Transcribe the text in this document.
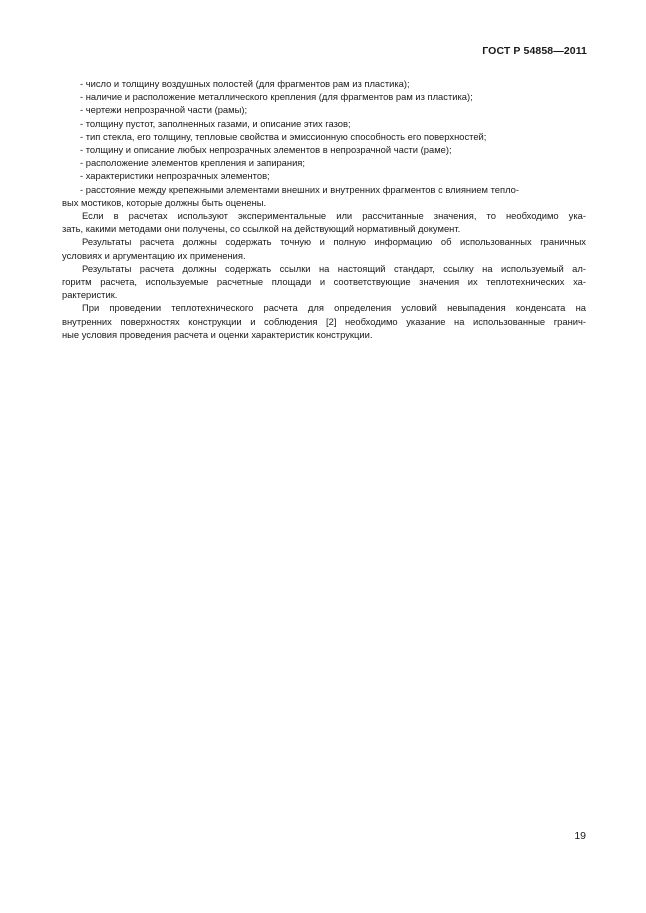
ГОСТ Р 54858—2011
- число и толщину воздушных полостей (для фрагментов рам из пластика);
- наличие и расположение металлического крепления (для фрагментов рам из пластика);
- чертежи непрозрачной части (рамы);
- толщину пустот, заполненных газами, и описание этих газов;
- тип стекла, его толщину, тепловые свойства и эмиссионную способность его поверхностей;
- толщину и описание любых непрозрачных элементов в непрозрачной части (раме);
- расположение элементов крепления и запирания;
- характеристики непрозрачных элементов;
- расстояние между крепежными элементами внешних и внутренних фрагментов с влиянием тепло-
вых мостиков, которые должны быть оценены.
Если в расчетах используют экспериментальные или рассчитанные значения, то необходимо ука-
зать, какими методами они получены, со ссылкой на действующий нормативный документ.
Результаты расчета должны содержать точную и полную информацию об использованных граничных
условиях и аргументацию их применения.
Результаты расчета должны содержать ссылки на настоящий стандарт, ссылку на используемый ал-
горитм расчета, используемые расчетные площади и соответствующие значения их теплотехнических ха-
рактеристик.
При проведении теплотехнического расчета для определения условий невыпадения конденсата на
внутренних поверхностях конструкции и соблюдения [2] необходимо указание на использованные гранич-
ные условия проведения расчета и оценки характеристик конструкции.
19
